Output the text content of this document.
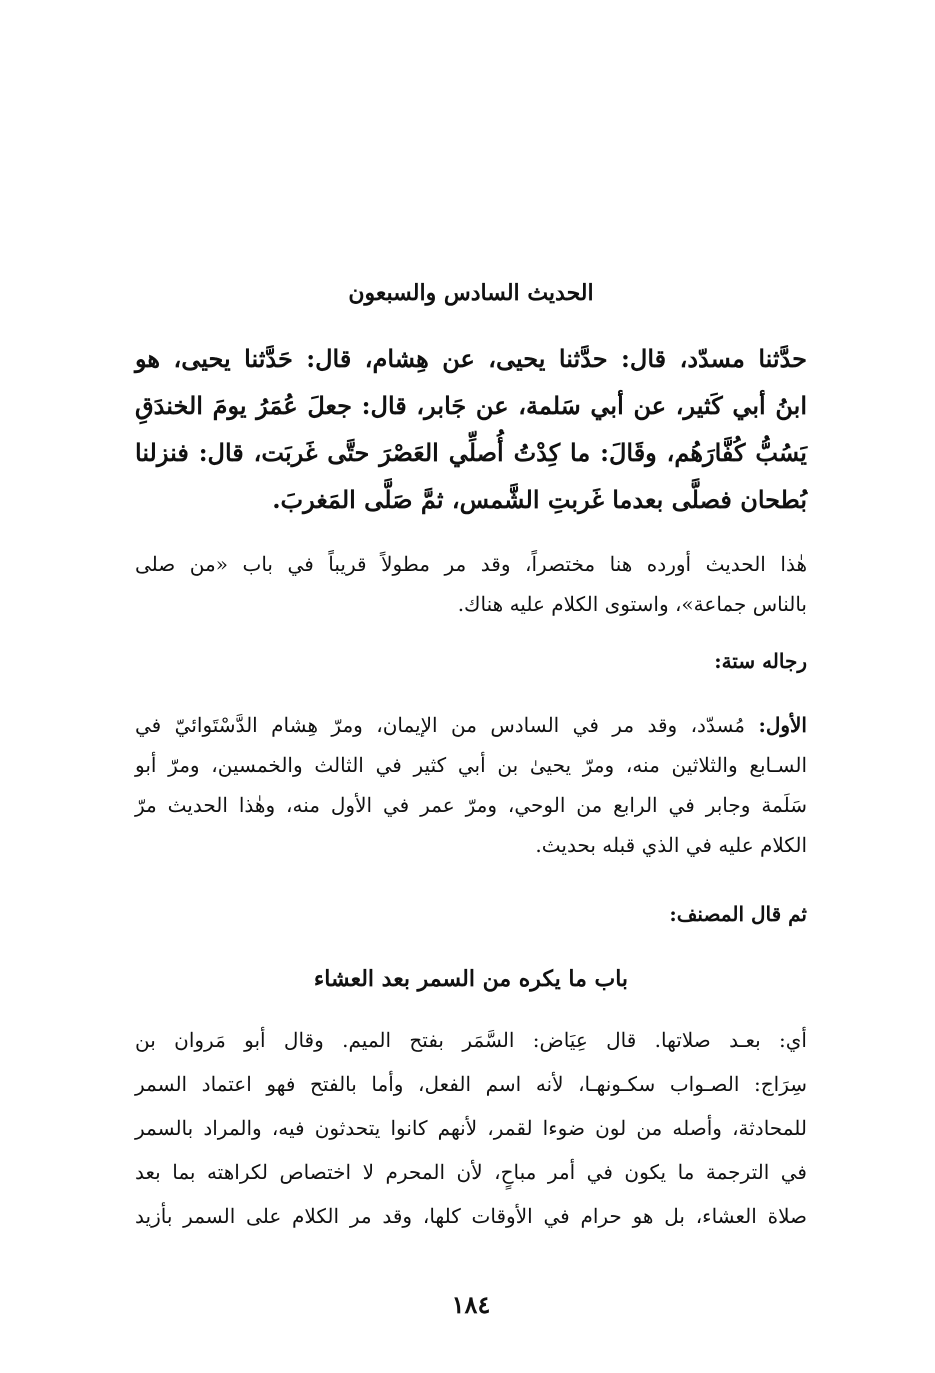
الحديث السادس والسبعون
حدَّثنا مسدّد، قال: حدَّثنا يحيى، عن هِشام، قال: حَدَّثنا يحيى، هو
ابنُ أبي كَثير، عن أبي سَلمة، عن جَابر، قال: جعلَ عُمَرُ يومَ الخندَقِ
يَسُبُّ كُفَّارَهُم، وقَالَ: ما كِدْتُ أُصلِّي العَصْرَ حتَّى غَربَت، قال: فنزلنا
بُطحان فصلَّى بعدما غَربتِ الشَّمس، ثمَّ صَلَّى المَغربَ.
هٰذا الحديث أورده هنا مختصراً، وقد مر مطولاً قريباً في باب «من صلى
بالناس جماعة»، واستوى الكلام عليه هناك.
رجاله ستة:
الأول: مُسدّد، وقد مر في السادس من الإيمان، ومرّ هِشام الدَّسْتَوائيّ في
السـابع والثلاثين منه، ومرّ يحيىٰ بن أبي كثير في الثالث والخمسين، ومرّ أبو
سَلَمة وجابر في الرابع من الوحي، ومرّ عمر في الأول منه، وهٰذا الحديث مرّ
الكلام عليه في الذي قبله بحديث.
ثم قال المصنف:
باب ما يكره من السمر بعد العشاء
أي: بعـد صلاتها. قال عِيَاض: السَّمَر بفتح الميم. وقال أبو مَروان بن
سِرَاج: الصـواب سكـونهـا، لأنه اسم الفعل، وأما بالفتح فهو اعتماد السمر
للمحادثة، وأصله من لون ضوءا لقمر، لأنهم كانوا يتحدثون فيه، والمراد بالسمر
في الترجمة ما يكون في أمر مباحٍ، لأن المحرم لا اختصاص لكراهته بما بعد
صلاة العشاء، بل هو حرام في الأوقات كلها، وقد مر الكلام على السمر بأزيد
١٨٤
